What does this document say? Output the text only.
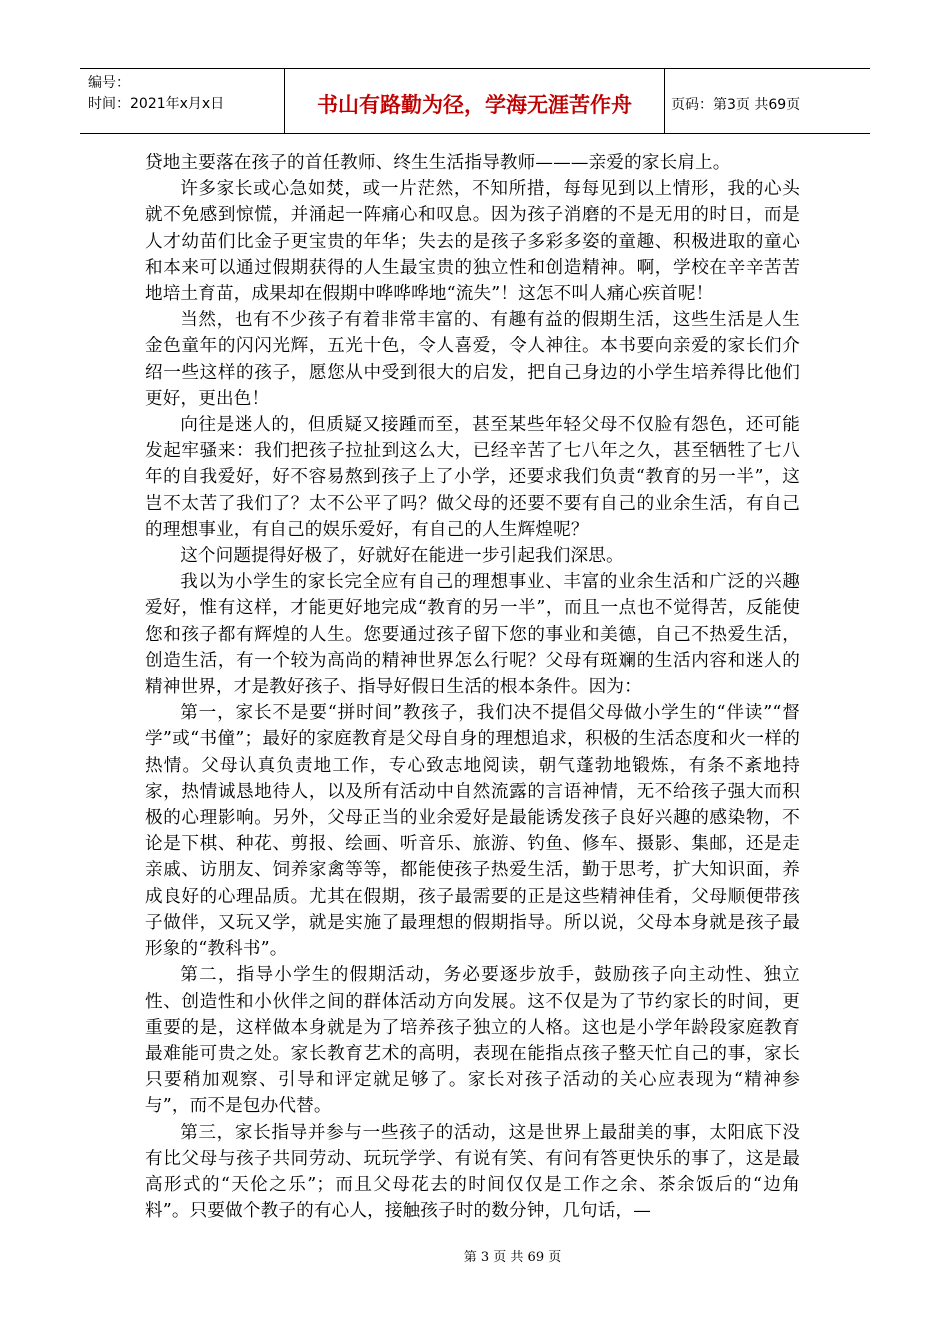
编号：
时间：2021年x月x日	书山有路勤为径，学海无涯苦作舟	页码：第3页 共69页

贷地主要落在孩子的首任教师、终生生活指导教师———亲爱的家长肩上。

许多家长或心急如焚，或一片茫然，不知所措，每每见到以上情形，我的心头就不免感到惊慌，并涌起一阵痛心和叹息。因为孩子消磨的不是无用的时日，而是人才幼苗们比金子更宝贵的年华；失去的是孩子多彩多姿的童趣、积极进取的童心和本来可以通过假期获得的人生最宝贵的独立性和创造精神。啊，学校在辛辛苦苦地培土育苗，成果却在假期中哗哗哗地“流失”！这怎不叫人痛心疾首呢！

当然，也有不少孩子有着非常丰富的、有趣有益的假期生活，这些生活是人生金色童年的闪闪光辉，五光十色，令人喜爱，令人神往。本书要向亲爱的家长们介绍一些这样的孩子，愿您从中受到很大的启发，把自己身边的小学生培养得比他们更好，更出色！

向往是迷人的，但质疑又接踵而至，甚至某些年轻父母不仅脸有怨色，还可能发起牢骚来：我们把孩子拉扯到这么大，已经辛苦了七八年之久，甚至牺牲了七八年的自我爱好，好不容易熬到孩子上了小学，还要求我们负责“教育的另一半”，这岂不太苦了我们了？太不公平了吗？做父母的还要不要有自己的业余生活，有自己的理想事业，有自己的娱乐爱好，有自己的人生辉煌呢？

这个问题提得好极了，好就好在能进一步引起我们深思。

我以为小学生的家长完全应有自己的理想事业、丰富的业余生活和广泛的兴趣爱好，惟有这样，才能更好地完成“教育的另一半”，而且一点也不觉得苦，反能使您和孩子都有辉煌的人生。您要通过孩子留下您的事业和美德，自己不热爱生活，创造生活，有一个较为高尚的精神世界怎么行呢？父母有斑斓的生活内容和迷人的精神世界，才是教好孩子、指导好假日生活的根本条件。因为：

第一，家长不是要“拼时间”教孩子，我们决不提倡父母做小学生的“伴读”“督学”或“书僮”；最好的家庭教育是父母自身的理想追求，积极的生活态度和火一样的热情。父母认真负责地工作，专心致志地阅读，朝气蓬勃地锻炼，有条不紊地持家，热情诚恳地待人，以及所有活动中自然流露的言语神情，无不给孩子强大而积极的心理影响。另外，父母正当的业余爱好是最能诱发孩子良好兴趣的感染物，不论是下棋、种花、剪报、绘画、听音乐、旅游、钓鱼、修车、摄影、集邮，还是走亲戚、访朋友、饲养家禽等等，都能使孩子热爱生活，勤于思考，扩大知识面，养成良好的心理品质。尤其在假期，孩子最需要的正是这些精神佳肴，父母顺便带孩子做伴，又玩又学，就是实施了最理想的假期指导。所以说，父母本身就是孩子最形象的“教科书”。

第二，指导小学生的假期活动，务必要逐步放手，鼓励孩子向主动性、独立性、创造性和小伙伴之间的群体活动方向发展。这不仅是为了节约家长的时间，更重要的是，这样做本身就是为了培养孩子独立的人格。这也是小学年龄段家庭教育最难能可贵之处。家长教育艺术的高明，表现在能指点孩子整天忙自己的事，家长只要稍加观察、引导和评定就足够了。家长对孩子活动的关心应表现为“精神参与”，而不是包办代替。

第三，家长指导并参与一些孩子的活动，这是世界上最甜美的事，太阳底下没有比父母与孩子共同劳动、玩玩学学、有说有笑、有问有答更快乐的事了，这是最高形式的“天伦之乐”；而且父母花去的时间仅仅是工作之余、茶余饭后的“边角料”。只要做个教子的有心人，接触孩子时的数分钟，几句话，—

第 3 页 共 69 页
